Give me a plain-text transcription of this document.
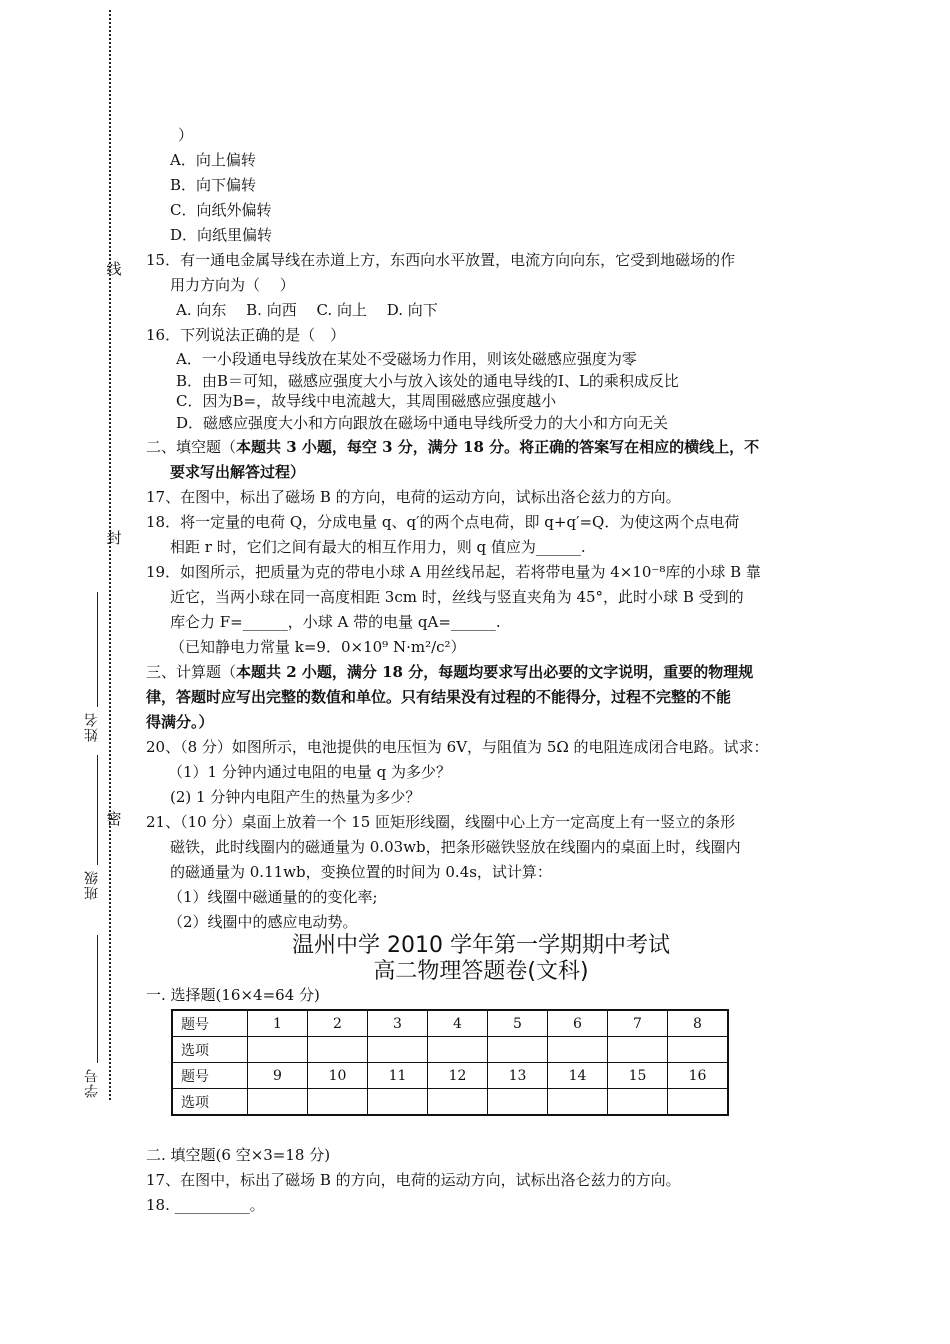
线
封
密
姓名
班级
学号
）
A．向上偏转
B．向下偏转
C．向纸外偏转
D．向纸里偏转
15．有一通电金属导线在赤道上方，东西向水平放置，电流方向向东，它受到地磁场的作
用力方向为（　 ）
A. 向东　 B. 向西　 C. 向上　 D. 向下
16．下列说法正确的是（　）
A．一小段通电导线放在某处不受磁场力作用，则该处磁感应强度为零
B．由B＝可知，磁感应强度大小与放入该处的通电导线的I、L的乘积成反比
C．因为B=，故导线中电流越大，其周围磁感应强度越小
D．磁感应强度大小和方向跟放在磁场中通电导线所受力的大小和方向无关
二、填空题（本题共 3 小题，每空 3 分，满分 18 分。将正确的答案写在相应的横线上，不
要求写出解答过程）
17、在图中，标出了磁场 B 的方向，电荷的运动方向，试标出洛仑兹力的方向。
18．将一定量的电荷 Q，分成电量 q、q′的两个点电荷，即 q+q′=Q．为使这两个点电荷
相距 r 时，它们之间有最大的相互作用力，则 q 值应为______.
19．如图所示，把质量为克的带电小球 A 用丝线吊起，若将带电量为 4×10⁻⁸库的小球 B 靠
近它，当两小球在同一高度相距 3cm 时，丝线与竖直夹角为 45°，此时小球 B 受到的
库仑力 F=______，小球 A 带的电量 qA=______.
（已知静电力常量 k=9．0×10⁹ N·m²/c²）
三、计算题（本题共 2 小题，满分 18 分，每题均要求写出必要的文字说明，重要的物理规
律，答题时应写出完整的数值和单位。只有结果没有过程的不能得分，过程不完整的不能
得满分。）
20、（8 分）如图所示，电池提供的电压恒为 6V，与阻值为 5Ω 的电阻连成闭合电路。试求：
（1）1 分钟内通过电阻的电量 q 为多少？
(2) 1 分钟内电阻产生的热量为多少？
21、（10 分）桌面上放着一个 15 匝矩形线圈，线圈中心上方一定高度上有一竖立的条形
磁铁，此时线圈内的磁通量为 0.03wb，把条形磁铁竖放在线圈内的桌面上时，线圈内
的磁通量为 0.11wb，变换位置的时间为 0.4s，试计算：
（1）线圈中磁通量的的变化率;
（2）线圈中的感应电动势。
温州中学 2010 学年第一学期期中考试
高二物理答题卷(文科)
一. 选择题(16×4=64 分)
题号	1	2	3	4	5	6	7	8
选项								
题号	9	10	11	12	13	14	15	16
选项								
二. 填空题(6 空×3=18 分)
17、在图中，标出了磁场 B 的方向，电荷的运动方向，试标出洛仑兹力的方向。
18. __________。
